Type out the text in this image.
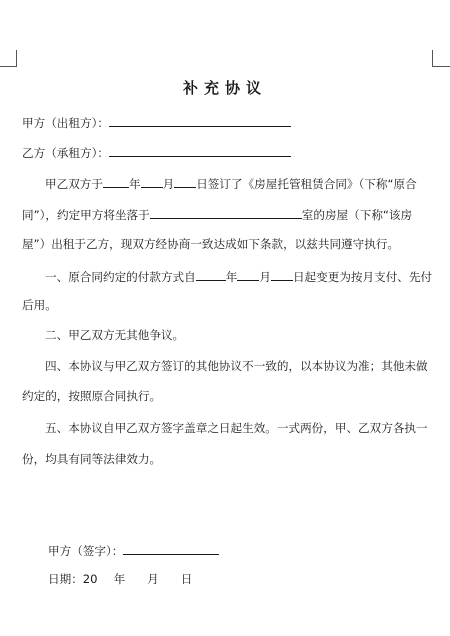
补充协议
甲方（出租方）：
乙方（承租方）：
甲乙双方于 年 月 日签订了《房屋托管租赁合同》（下称“原合
同”），约定甲方将坐落于	室的房屋（下称“该房
屋”）出租于乙方，现双方经协商一致达成如下条款，以兹共同遵守执行。
一、原合同约定的付款方式自	年 月 日起变更为按月支付、先付
后用。
二、甲乙双方无其他争议。
四、本协议与甲乙双方签订的其他协议不一致的，以本协议为准；其他未做
约定的，按照原合同执行。
五、本协议自甲乙双方签字盖章之日起生效。一式两份，甲、乙双方各执一
份，均具有同等法律效力。
甲方（签字）：
日期：20 年 月 日
